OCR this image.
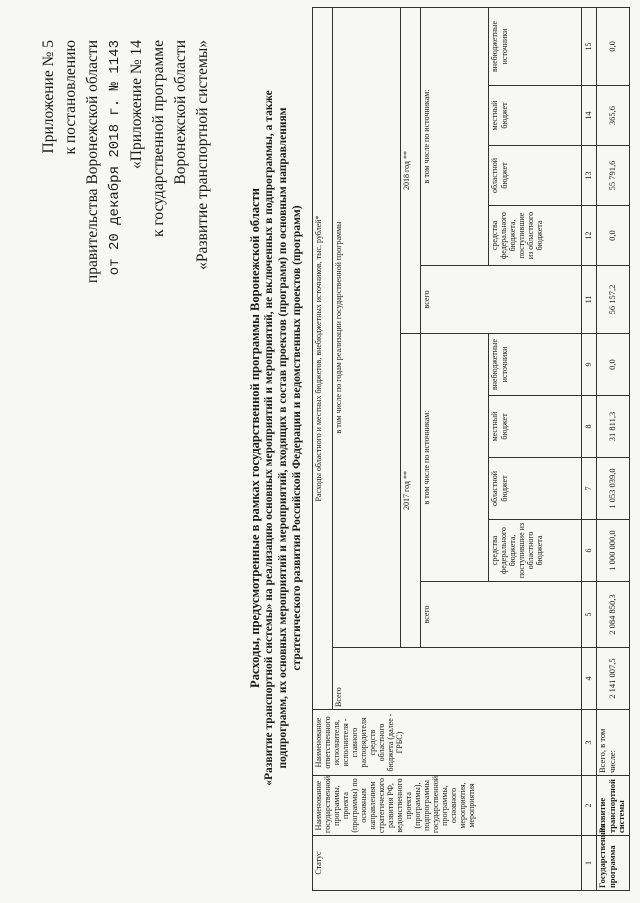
Приложение № 5 к постановлению правительства Воронежской области от 20 декабря 2018 г. № 1143 «Приложение № 14 к государственной программе Воронежской области «Развитие транспортной системы»
Расходы, предусмотренные в рамках государственной программы Воронежской области «Развитие транспортной системы» на реализацию основных мероприятий и мероприятий, не включенных в подпрограммы, а также подпрограмм, их основных мероприятий и мероприятий, входящих в состав проектов (программ) по основным направлениям стратегического развития Российской Федерации и ведомственных проектов (программ)
Статус	Наименование государственной программы, проекта (программы) по основным направлениям стратегического развития РФ, ведомственного проекта (программы), подпрограммы государственной программы, основного мероприятия, мероприятия	Наименование ответственного исполнителя, исполнителя - главного распорядителя средств областного бюджета (далее - ГРБС)	Расходы областного и местных бюджетов, внебюджетных источников, тыс. рублей*										
			Всего	в том числе по годам реализации государственной программы									
				2017 год **					2018 год **				
				всего	в том числе по источникам:				всего	в том числе по источникам:			
					средства федерального бюджета, поступившие из областного бюджета	областной бюджет	местный бюджет	внебюджетные источники		средства федерального бюджета, поступившие из областного бюджета	областной бюджет	местный бюджет	внебюджетные источники
1	2	3	4	5	6	7	8	9	11	12	13	14	15
Государственная программа	Развитие транспортной системы	Всего, в том числе:	2 141 007,5	2 084 850,3	1 000 000,0	1 053 039,0	31 811,3	0,0	56 157,2	0,0	55 791,6	365,6	0,0
